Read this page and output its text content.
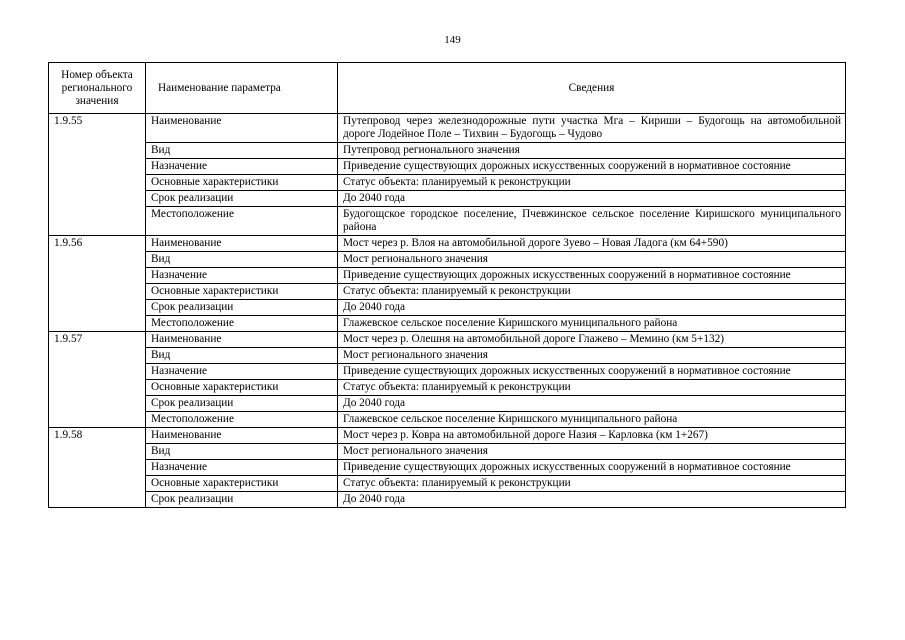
149
Номер объекта регионального значения	Наименование параметра	Сведения
1.9.55	Наименование	Путепровод через железнодорожные пути участка Мга – Кириши – Будогощь на автомобильной дороге Лодейное Поле – Тихвин – Будогощь – Чудово
	Вид	Путепровод регионального значения
	Назначение	Приведение существующих дорожных искусственных сооружений в нормативное состояние
	Основные характеристики	Статус объекта: планируемый к реконструкции
	Срок реализации	До 2040 года
	Местоположение	Будогощское городское поселение, Пчевжинское сельское поселение Киришского муниципального района
1.9.56	Наименование	Мост через р. Влоя на автомобильной дороге Зуево – Новая Ладога (км 64+590)
	Вид	Мост регионального значения
	Назначение	Приведение существующих дорожных искусственных сооружений в нормативное состояние
	Основные характеристики	Статус объекта: планируемый к реконструкции
	Срок реализации	До 2040 года
	Местоположение	Глажевское сельское поселение Киришского муниципального района
1.9.57	Наименование	Мост через р. Олешня на автомобильной дороге Глажево – Мемино (км 5+132)
	Вид	Мост регионального значения
	Назначение	Приведение существующих дорожных искусственных сооружений в нормативное состояние
	Основные характеристики	Статус объекта: планируемый к реконструкции
	Срок реализации	До 2040 года
	Местоположение	Глажевское сельское поселение Киришского муниципального района
1.9.58	Наименование	Мост через р. Ковра на автомобильной дороге Назия – Карловка (км 1+267)
	Вид	Мост регионального значения
	Назначение	Приведение существующих дорожных искусственных сооружений в нормативное состояние
	Основные характеристики	Статус объекта: планируемый к реконструкции
	Срок реализации	До 2040 года
